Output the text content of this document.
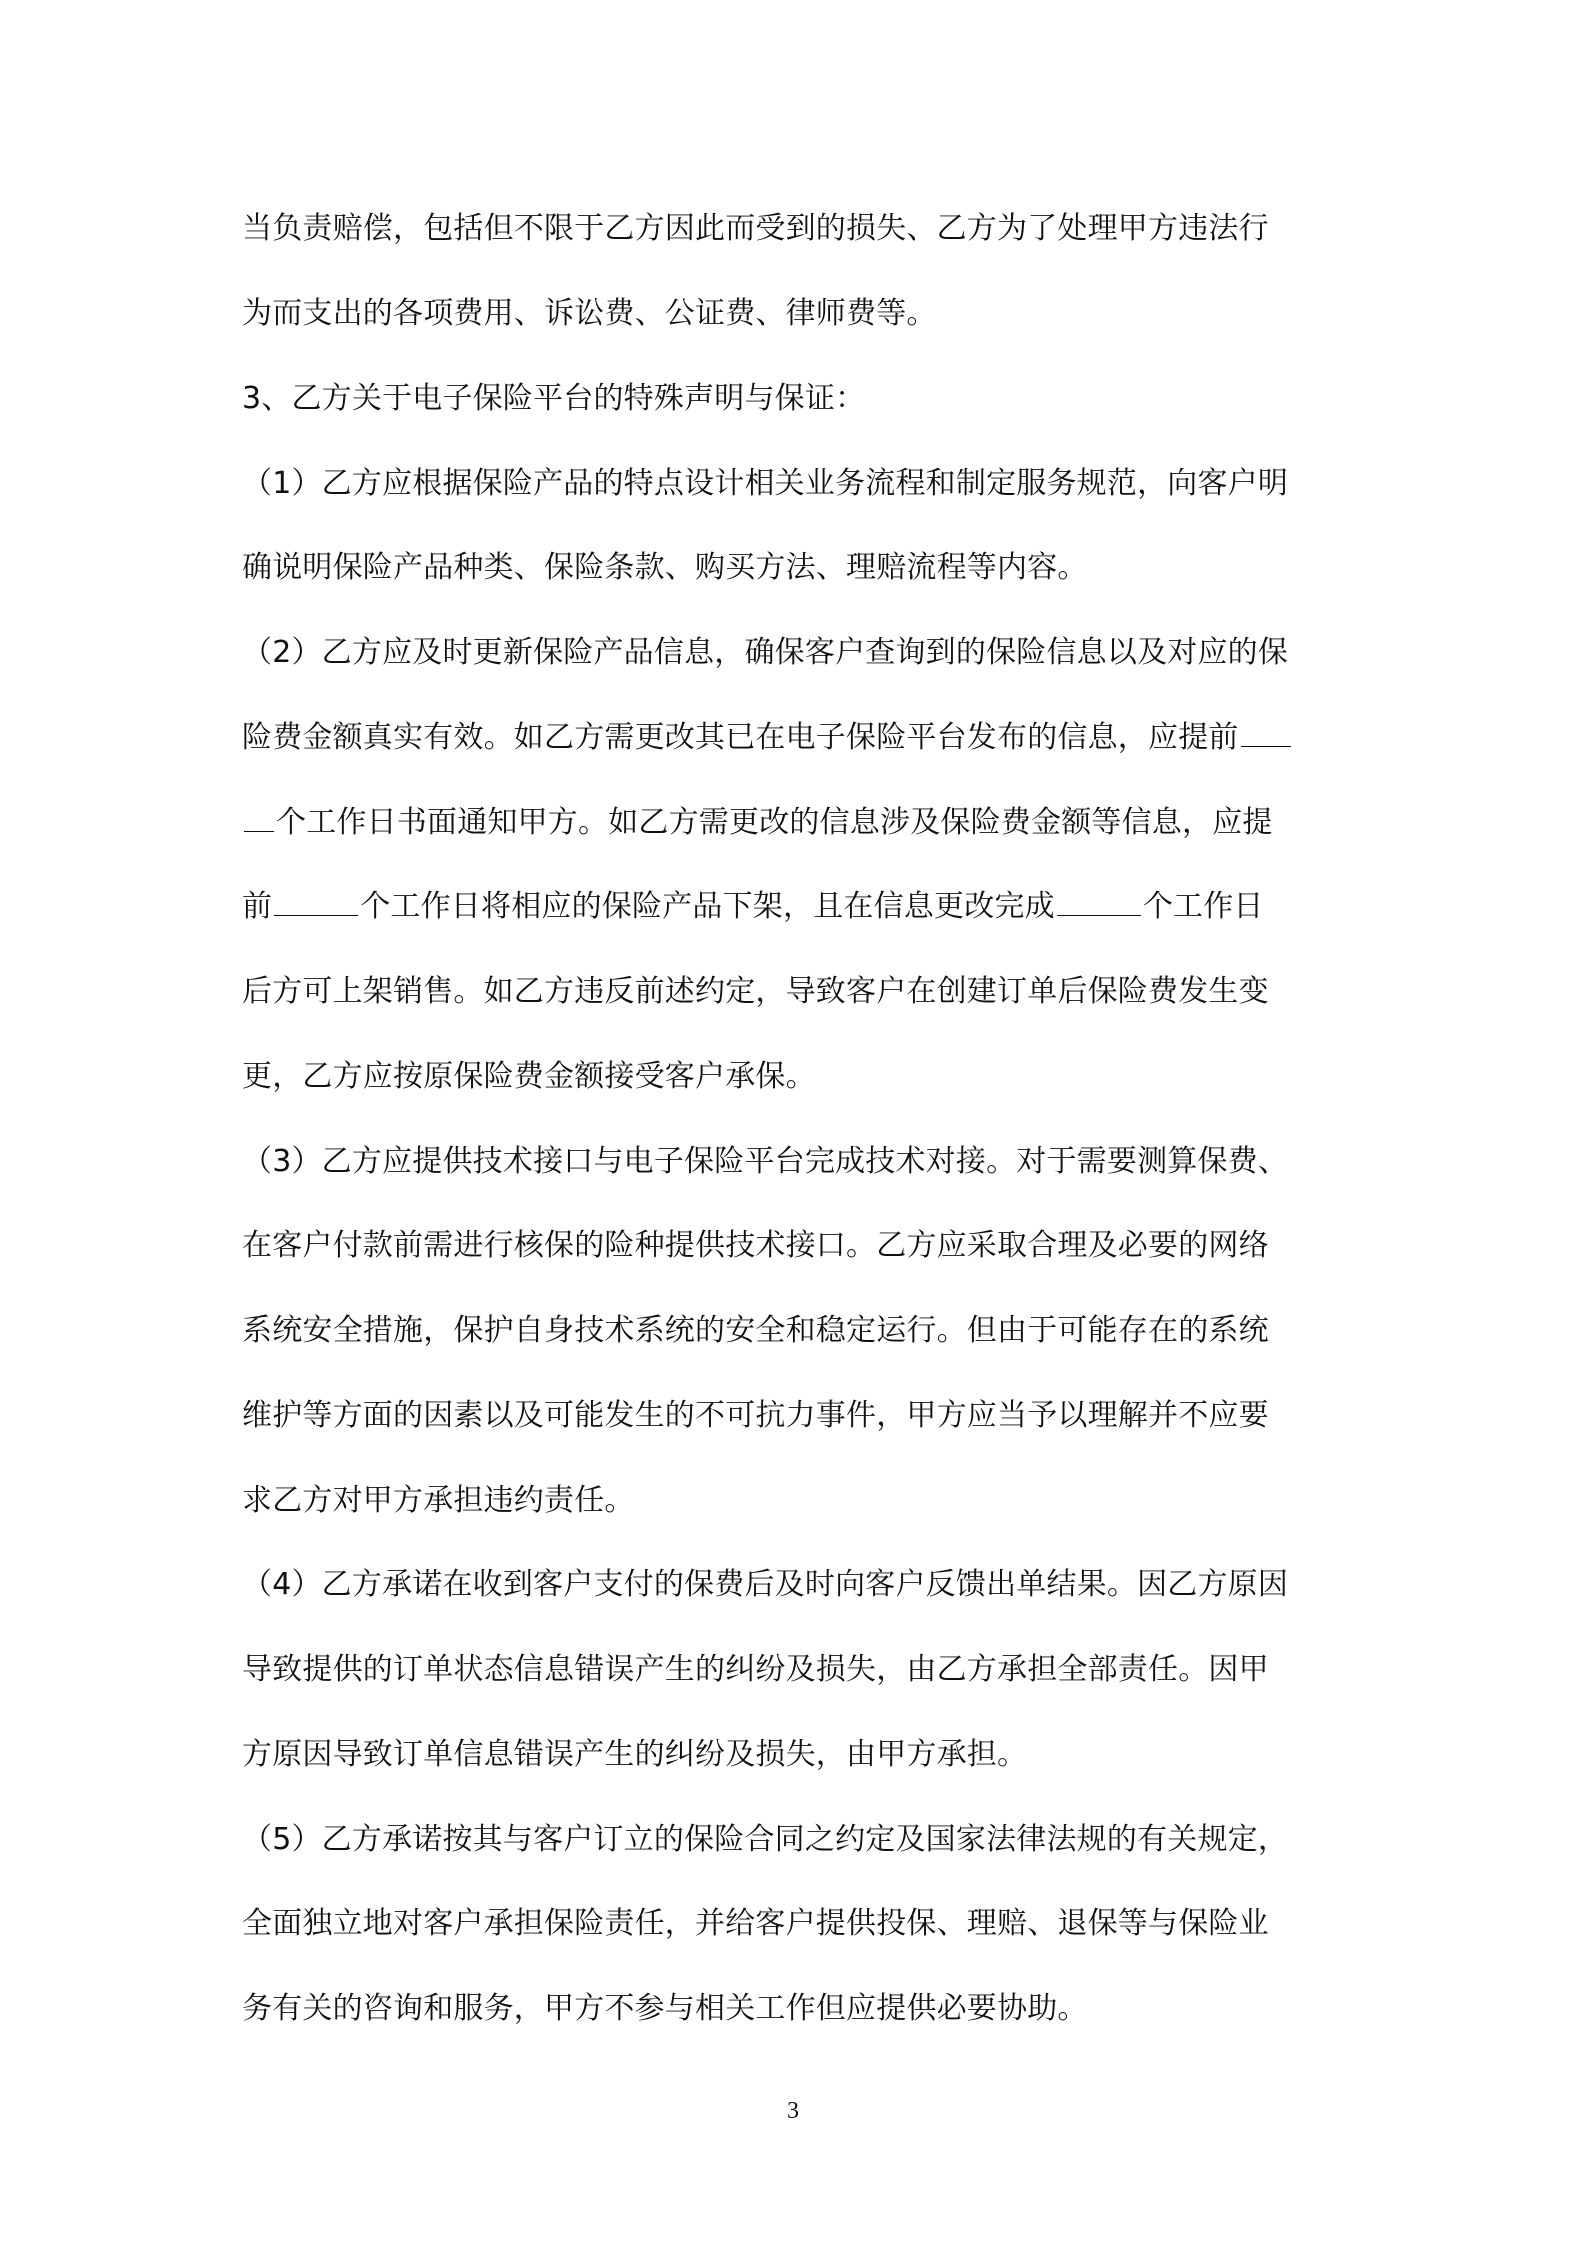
当负责赔偿，包括但不限于乙方因此而受到的损失、乙方为了处理甲方违法行
为而支出的各项费用、诉讼费、公证费、律师费等。
3、乙方关于电子保险平台的特殊声明与保证：
（1）乙方应根据保险产品的特点设计相关业务流程和制定服务规范，向客户明
确说明保险产品种类、保险条款、购买方法、理赔流程等内容。
（2）乙方应及时更新保险产品信息，确保客户查询到的保险信息以及对应的保
险费金额真实有效。如乙方需更改其已在电子保险平台发布的信息，应提前
个工作日书面通知甲方。如乙方需更改的信息涉及保险费金额等信息，应提
前	个工作日将相应的保险产品下架，且在信息更改完成	个工作日
后方可上架销售。如乙方违反前述约定，导致客户在创建订单后保险费发生变
更，乙方应按原保险费金额接受客户承保。
（3）乙方应提供技术接口与电子保险平台完成技术对接。对于需要测算保费、
在客户付款前需进行核保的险种提供技术接口。乙方应采取合理及必要的网络
系统安全措施，保护自身技术系统的安全和稳定运行。但由于可能存在的系统
维护等方面的因素以及可能发生的不可抗力事件，甲方应当予以理解并不应要
求乙方对甲方承担违约责任。
（4）乙方承诺在收到客户支付的保费后及时向客户反馈出单结果。因乙方原因
导致提供的订单状态信息错误产生的纠纷及损失，由乙方承担全部责任。因甲
方原因导致订单信息错误产生的纠纷及损失，由甲方承担。
（5）乙方承诺按其与客户订立的保险合同之约定及国家法律法规的有关规定，
全面独立地对客户承担保险责任，并给客户提供投保、理赔、退保等与保险业
务有关的咨询和服务，甲方不参与相关工作但应提供必要协助。
3
